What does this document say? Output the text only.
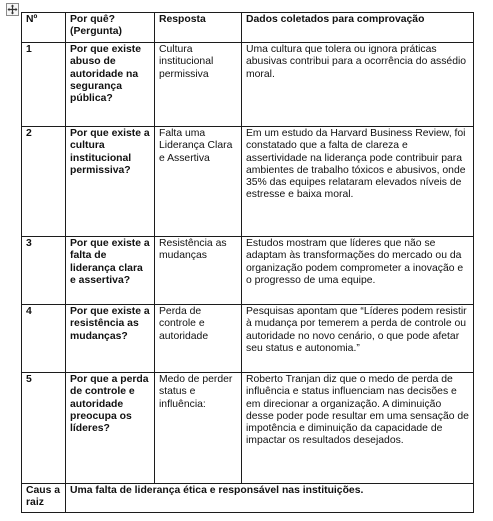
Nº	Por quê? (Pergunta)	Resposta	Dados coletados para comprovação
1	Por que existe abuso de autoridade na segurança pública?	Cultura institucional permissiva	Uma cultura que tolera ou ignora práticas abusivas contribui para a ocorrência do assédio moral.
2	Por que existe a cultura institucional permissiva?	Falta uma Liderança Clara e Assertiva	Em um estudo da Harvard Business Review, foi constatado que a falta de clareza e assertividade na liderança pode contribuir para ambientes de trabalho tóxicos e abusivos, onde 35% das equipes relataram elevados níveis de estresse e baixa moral.
3	Por que existe a falta de liderança clara e assertiva?	Resistência as mudanças	Estudos mostram que líderes que não se adaptam às transformações do mercado ou da organização podem comprometer a inovação e o progresso de uma equipe.
4	Por que existe a resistência as mudanças?	Perda de controle e autoridade	Pesquisas apontam que “Líderes podem resistir à mudança por temerem a perda de controle ou autoridade no novo cenário, o que pode afetar seu status e autonomia.”
5	Por que a perda de controle e autoridade preocupa os líderes?	Medo de perder status e influência:	Roberto Tranjan diz que o medo de perda de influência e status influenciam nas decisões e em direcionar a organização. A diminuição desse poder pode resultar em uma sensação de impotência e diminuição da capacidade de impactar os resultados desejados.
Caus a raiz	Uma falta de liderança ética e responsável nas instituições.		
